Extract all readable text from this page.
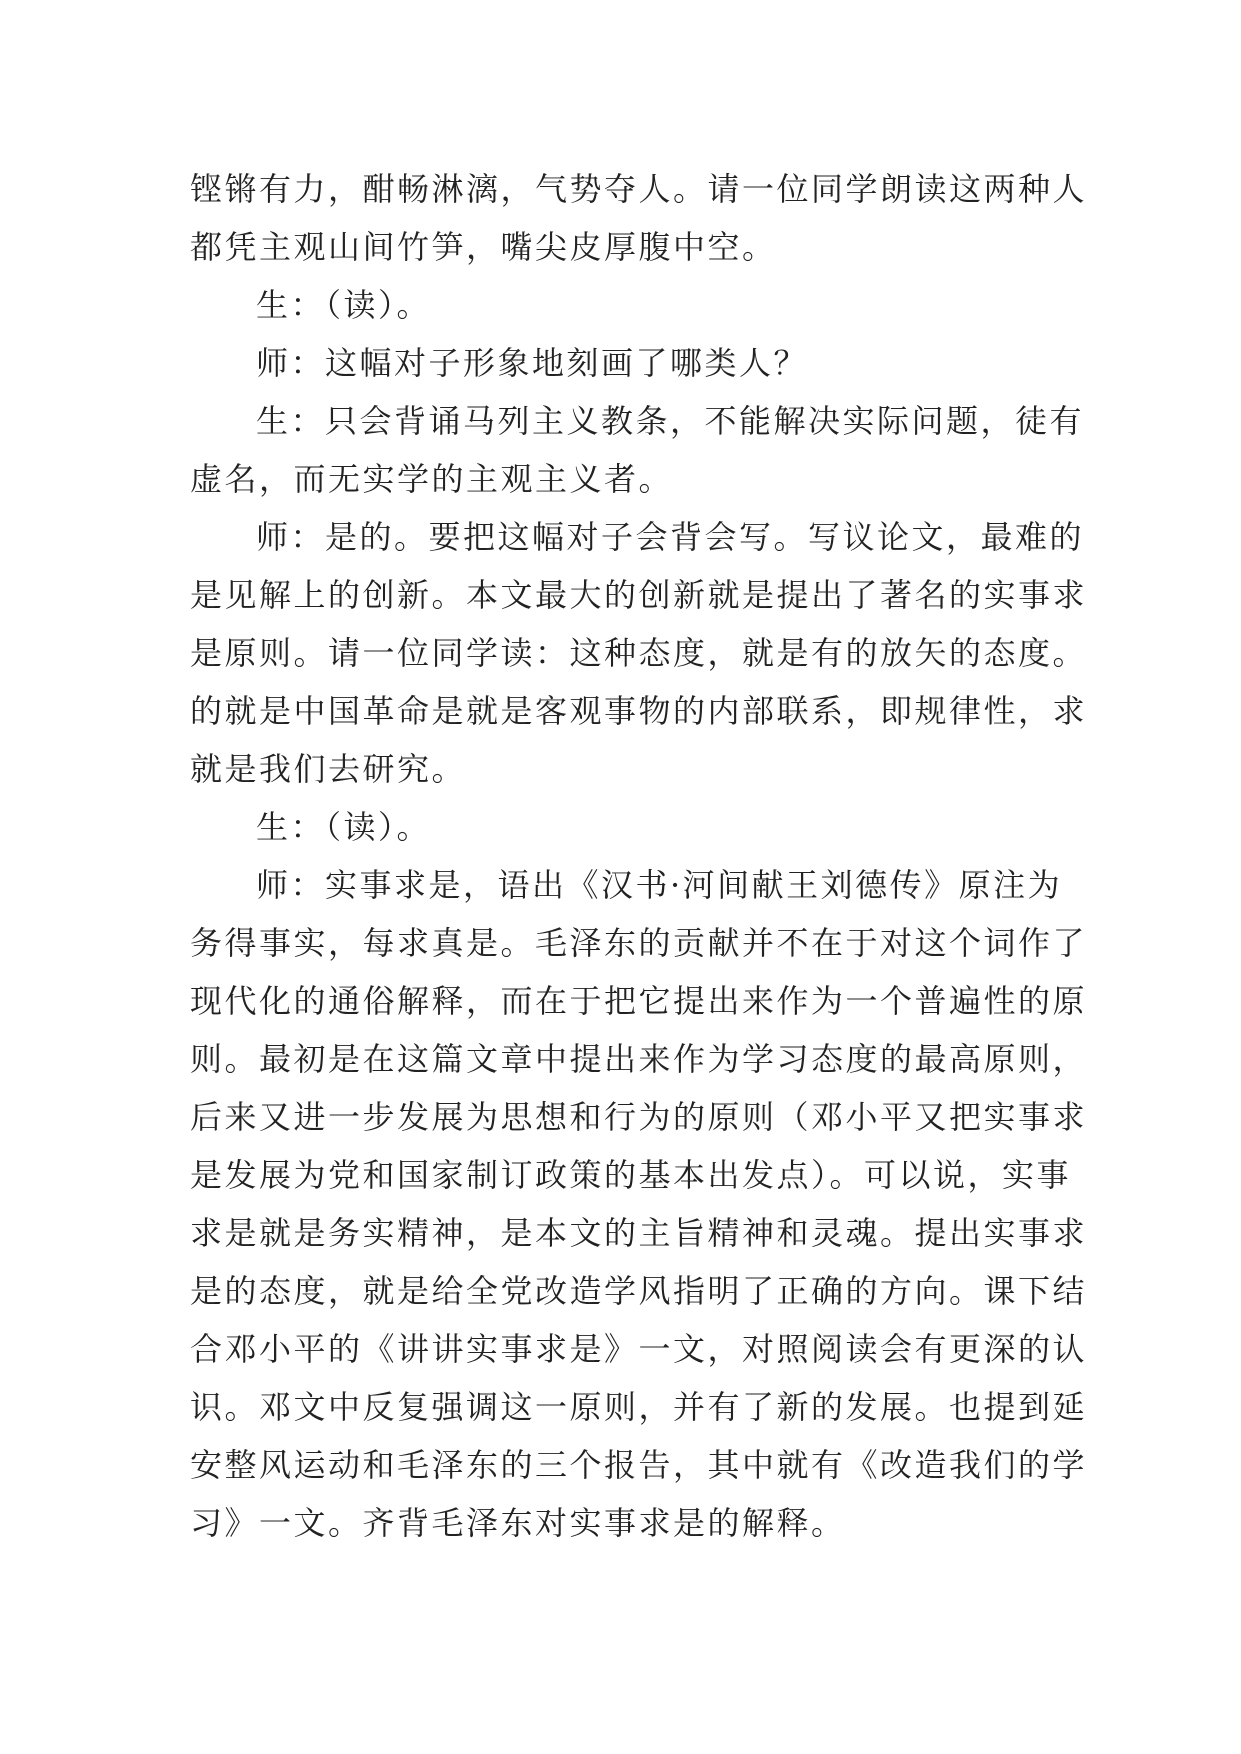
铿锵有力，酣畅淋漓，气势夺人。请一位同学朗读这两种人
都凭主观山间竹笋，嘴尖皮厚腹中空。
生：（读）。
师：这幅对子形象地刻画了哪类人？
生：只会背诵马列主义教条，不能解决实际问题，徒有
虚名，而无实学的主观主义者。
师：是的。要把这幅对子会背会写。写议论文，最难的
是见解上的创新。本文最大的创新就是提出了著名的实事求
是原则。请一位同学读：这种态度，就是有的放矢的态度。
的就是中国革命是就是客观事物的内部联系，即规律性，求
就是我们去研究。
生：（读）。
师：实事求是，语出《汉书·河间献王刘德传》原注为
务得事实，每求真是。毛泽东的贡献并不在于对这个词作了
现代化的通俗解释，而在于把它提出来作为一个普遍性的原
则。最初是在这篇文章中提出来作为学习态度的最高原则，
后来又进一步发展为思想和行为的原则（邓小平又把实事求
是发展为党和国家制订政策的基本出发点）。可以说，实事
求是就是务实精神，是本文的主旨精神和灵魂。提出实事求
是的态度，就是给全党改造学风指明了正确的方向。课下结
合邓小平的《讲讲实事求是》一文，对照阅读会有更深的认
识。邓文中反复强调这一原则，并有了新的发展。也提到延
安整风运动和毛泽东的三个报告，其中就有《改造我们的学
习》一文。齐背毛泽东对实事求是的解释。
